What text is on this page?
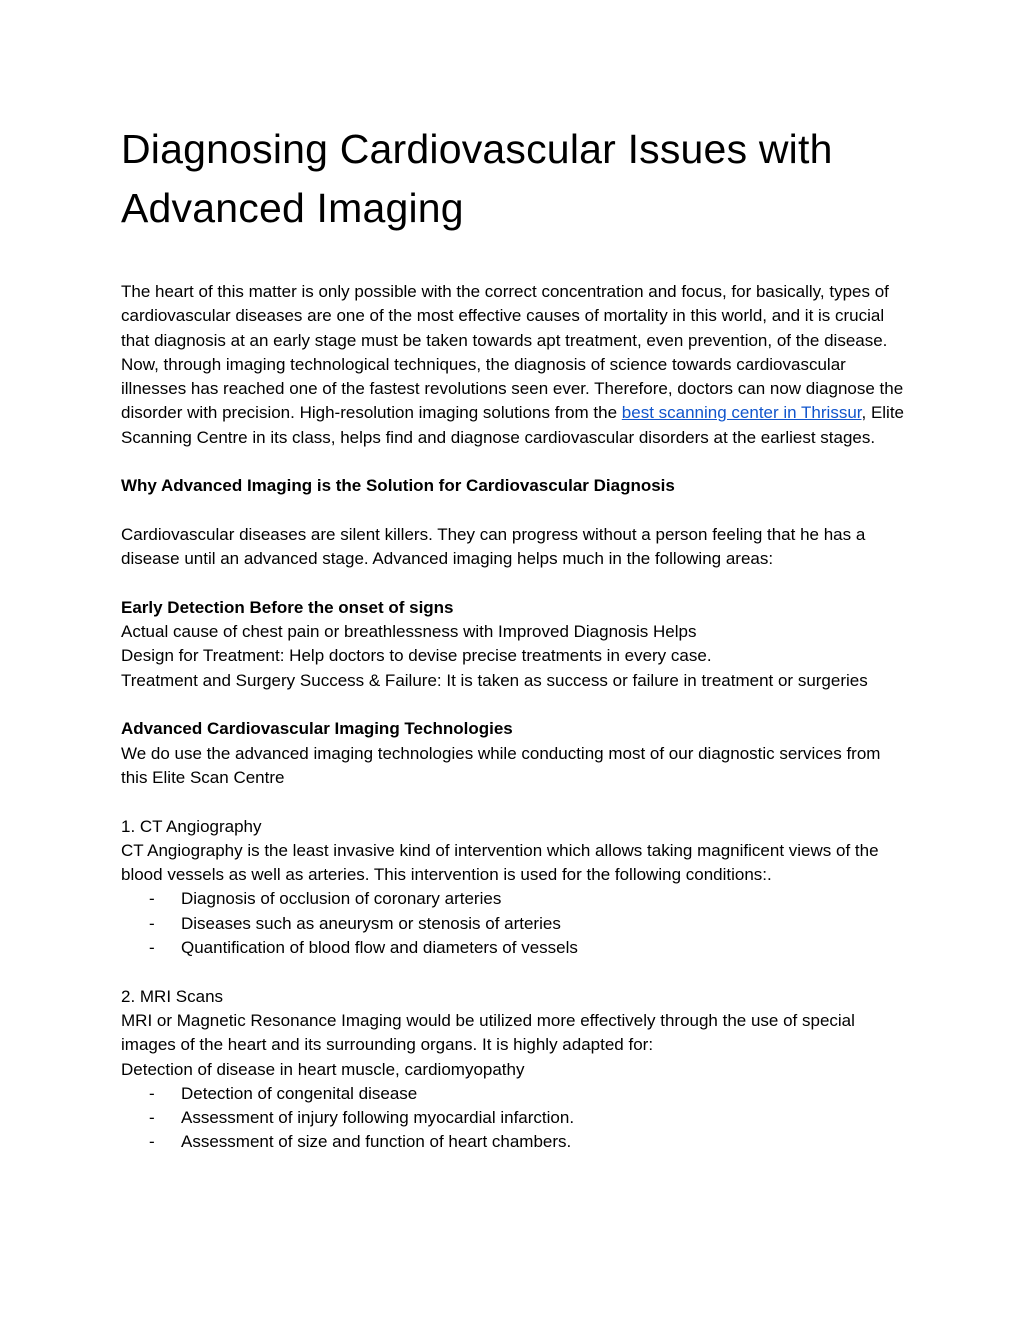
Diagnosing Cardiovascular Issues with Advanced Imaging

The heart of this matter is only possible with the correct concentration and focus, for basically, types of cardiovascular diseases are one of the most effective causes of mortality in this world, and it is crucial that diagnosis at an early stage must be taken towards apt treatment, even prevention, of the disease. Now, through imaging technological techniques, the diagnosis of science towards cardiovascular illnesses has reached one of the fastest revolutions seen ever. Therefore, doctors can now diagnose the disorder with precision. High-resolution imaging solutions from the best scanning center in Thrissur, Elite Scanning Centre in its class, helps find and diagnose cardiovascular disorders at the earliest stages.

Why Advanced Imaging is the Solution for Cardiovascular Diagnosis

Cardiovascular diseases are silent killers. They can progress without a person feeling that he has a disease until an advanced stage. Advanced imaging helps much in the following areas:

Early Detection Before the onset of signs

Actual cause of chest pain or breathlessness with Improved Diagnosis Helps

Design for Treatment: Help doctors to devise precise treatments in every case.

Treatment and Surgery Success & Failure: It is taken as success or failure in treatment or surgeries

Advanced Cardiovascular Imaging Technologies

We do use the advanced imaging technologies while conducting most of our diagnostic services from this Elite Scan Centre

1. CT Angiography

CT Angiography is the least invasive kind of intervention which allows taking magnificent views of the blood vessels as well as arteries. This intervention is used for the following conditions:.

- Diagnosis of occlusion of coronary arteries
- Diseases such as aneurysm or stenosis of arteries
- Quantification of blood flow and diameters of vessels

2. MRI Scans

MRI or Magnetic Resonance Imaging would be utilized more effectively through the use of special images of the heart and its surrounding organs. It is highly adapted for:

Detection of disease in heart muscle, cardiomyopathy

- Detection of congenital disease
- Assessment of injury following myocardial infarction.
- Assessment of size and function of heart chambers.
